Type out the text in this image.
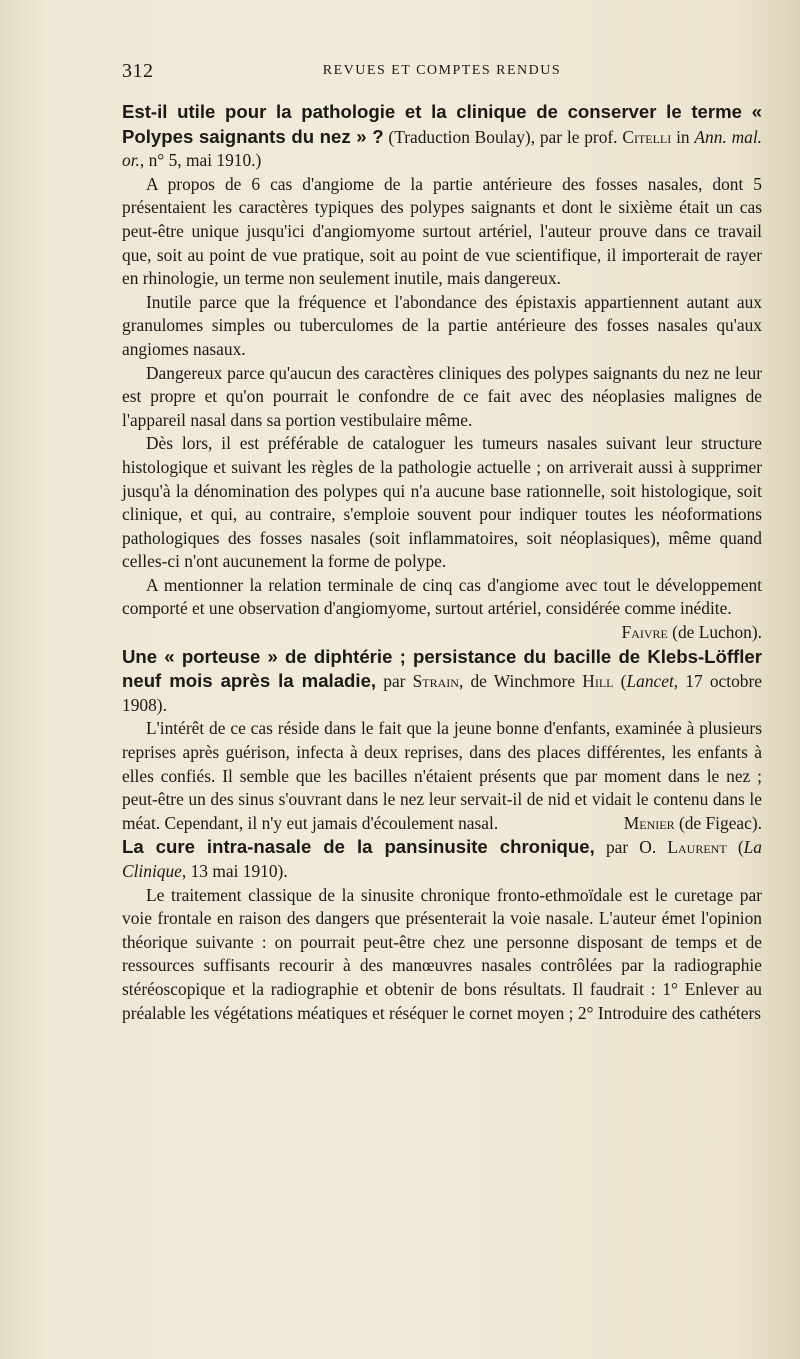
312	REVUES ET COMPTES RENDUS

Est-il utile pour la pathologie et la clinique de conserver le terme « Polypes saignants du nez » ? (Traduction Boulay), par le prof. Citelli in Ann. mal. or., n° 5, mai 1910.)

A propos de 6 cas d'angiome de la partie antérieure des fosses nasales, dont 5 présentaient les caractères typiques des polypes saignants et dont le sixième était un cas peut-être unique jusqu'ici d'angiomyome surtout artériel, l'auteur prouve dans ce travail que, soit au point de vue pratique, soit au point de vue scientifique, il importerait de rayer en rhinologie, un terme non seulement inutile, mais dangereux.

Inutile parce que la fréquence et l'abondance des épistaxis appartiennent autant aux granulomes simples ou tuberculomes de la partie antérieure des fosses nasales qu'aux angiomes nasaux.

Dangereux parce qu'aucun des caractères cliniques des polypes saignants du nez ne leur est propre et qu'on pourrait le confondre de ce fait avec des néoplasies malignes de l'appareil nasal dans sa portion vestibulaire même.

Dès lors, il est préférable de cataloguer les tumeurs nasales suivant leur structure histologique et suivant les règles de la pathologie actuelle ; on arriverait aussi à supprimer jusqu'à la dénomination des polypes qui n'a aucune base rationnelle, soit histologique, soit clinique, et qui, au contraire, s'emploie souvent pour indiquer toutes les néoformations pathologiques des fosses nasales (soit inflammatoires, soit néoplasiques), même quand celles-ci n'ont aucunement la forme de polype.

A mentionner la relation terminale de cinq cas d'angiome avec tout le développement comporté et une observation d'angiomyome, surtout artériel, considérée comme inédite.
Faivre (de Luchon).

Une « porteuse » de diphtérie ; persistance du bacille de Klebs-Löffler neuf mois après la maladie, par Strain, de Winchmore Hill (Lancet, 17 octobre 1908).

L'intérêt de ce cas réside dans le fait que la jeune bonne d'enfants, examinée à plusieurs reprises après guérison, infecta à deux reprises, dans des places différentes, les enfants à elles confiés. Il semble que les bacilles n'étaient présents que par moment dans le nez ; peut-être un des sinus s'ouvrant dans le nez leur servait-il de nid et vidait le contenu dans le méat. Cependant, il n'y eut jamais d'écoulement nasal.	Menier (de Figeac).

La cure intra-nasale de la pansinusite chronique, par O. Laurent (La Clinique, 13 mai 1910).

Le traitement classique de la sinusite chronique fronto-ethmoïdale est le curetage par voie frontale en raison des dangers que présenterait la voie nasale. L'auteur émet l'opinion théorique suivante : on pourrait peut-être chez une personne disposant de temps et de ressources suffisants recourir à des manœuvres nasales contrôlées par la radiographie stéréoscopique et la radiographie et obtenir de bons résultats. Il faudrait : 1° Enlever au préalable les végétations méatiques et réséquer le cornet moyen ; 2° Introduire des cathéters
